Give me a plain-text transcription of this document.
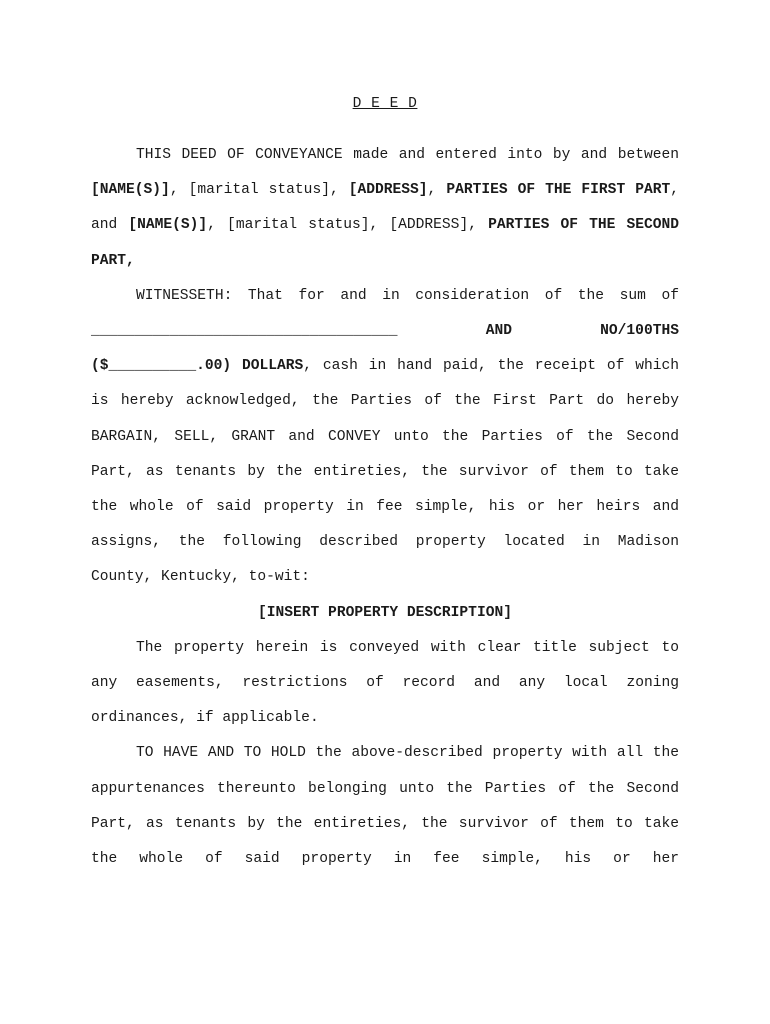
D E E D

THIS DEED OF CONVEYANCE made and entered into by and between [NAME(S)], [marital status], [ADDRESS], PARTIES OF THE FIRST PART, and [NAME(S)], [marital status], [ADDRESS], PARTIES OF THE SECOND PART,

WITNESSETH: That for and in consideration of the sum of

___________________________________	AND	NO/100THS

($__________.00) DOLLARS, cash in hand paid, the receipt of which is hereby acknowledged, the Parties of the First Part do hereby BARGAIN, SELL, GRANT and CONVEY unto the Parties of the Second Part, as tenants by the entireties, the survivor of them to take the whole of said property in fee simple, his or her heirs and assigns, the following described property located in Madison County, Kentucky, to-wit:

[INSERT PROPERTY DESCRIPTION]

The property herein is conveyed with clear title subject to any easements, restrictions of record and any local zoning ordinances, if applicable.

TO HAVE AND TO HOLD the above-described property with all the appurtenances thereunto belonging unto the Parties of the Second Part, as tenants by the entireties, the survivor of them to take the whole of said property in fee simple, his or her
